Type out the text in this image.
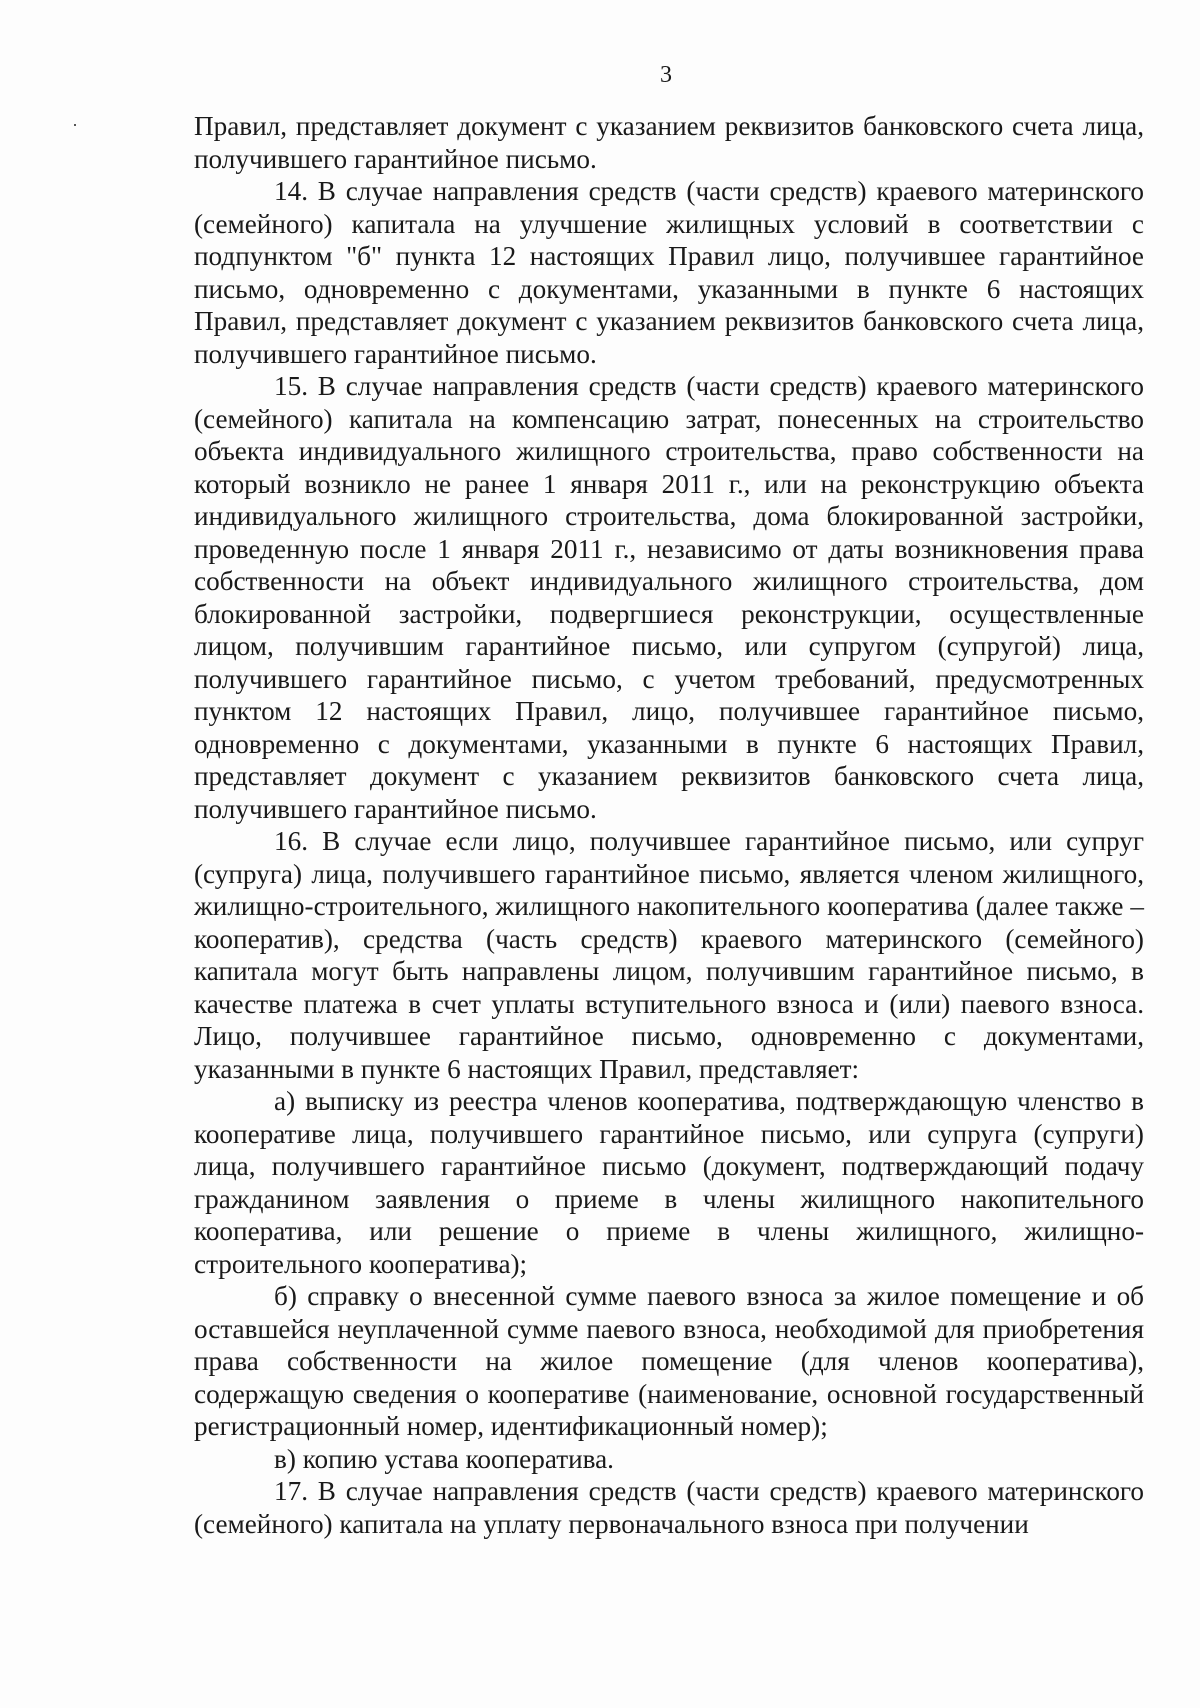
3

Правил, представляет документ с указанием реквизитов банковского счета лица, получившего гарантийное письмо.

14. В случае направления средств (части средств) краевого материнского (семейного) капитала на улучшение жилищных условий в соответствии с подпунктом "б" пункта 12 настоящих Правил лицо, получившее гарантийное письмо, одновременно с документами, указанными в пункте 6 настоящих Правил, представляет документ с указанием реквизитов банковского счета лица, получившего гарантийное письмо.

15. В случае направления средств (части средств) краевого материнского (семейного) капитала на компенсацию затрат, понесенных на строительство объекта индивидуального жилищного строительства, право собственности на который возникло не ранее 1 января 2011 г., или на реконструкцию объекта индивидуального жилищного строительства, дома блокированной застройки, проведенную после 1 января 2011 г., независимо от даты возникновения права собственности на объект индивидуального жилищного строительства, дом блокированной застройки, подвергшиеся реконструкции, осуществленные лицом, получившим гарантийное письмо, или супругом (супругой) лица, получившего гарантийное письмо, с учетом требований, предусмотренных пунктом 12 настоящих Правил, лицо, получившее гарантийное письмо, одновременно с документами, указанными в пункте 6 настоящих Правил, представляет документ с указанием реквизитов банковского счета лица, получившего гарантийное письмо.

16. В случае если лицо, получившее гарантийное письмо, или супруг (супруга) лица, получившего гарантийное письмо, является членом жилищного, жилищно-строительного, жилищного накопительного кооператива (далее также – кооператив), средства (часть средств) краевого материнского (семейного) капитала могут быть направлены лицом, получившим гарантийное письмо, в качестве платежа в счет уплаты вступительного взноса и (или) паевого взноса. Лицо, получившее гарантийное письмо, одновременно с документами, указанными в пункте 6 настоящих Правил, представляет:

а) выписку из реестра членов кооператива, подтверждающую членство в кооперативе лица, получившего гарантийное письмо, или супруга (супруги) лица, получившего гарантийное письмо (документ, подтверждающий подачу гражданином заявления о приеме в члены жилищного накопительного кооператива, или решение о приеме в члены жилищного, жилищно-строительного кооператива);

б) справку о внесенной сумме паевого взноса за жилое помещение и об оставшейся неуплаченной сумме паевого взноса, необходимой для приобретения права собственности на жилое помещение (для членов кооператива), содержащую сведения о кооперативе (наименование, основной государственный регистрационный номер, идентификационный номер);

в) копию устава кооператива.

17. В случае направления средств (части средств) краевого материнского (семейного) капитала на уплату первоначального взноса при получении
